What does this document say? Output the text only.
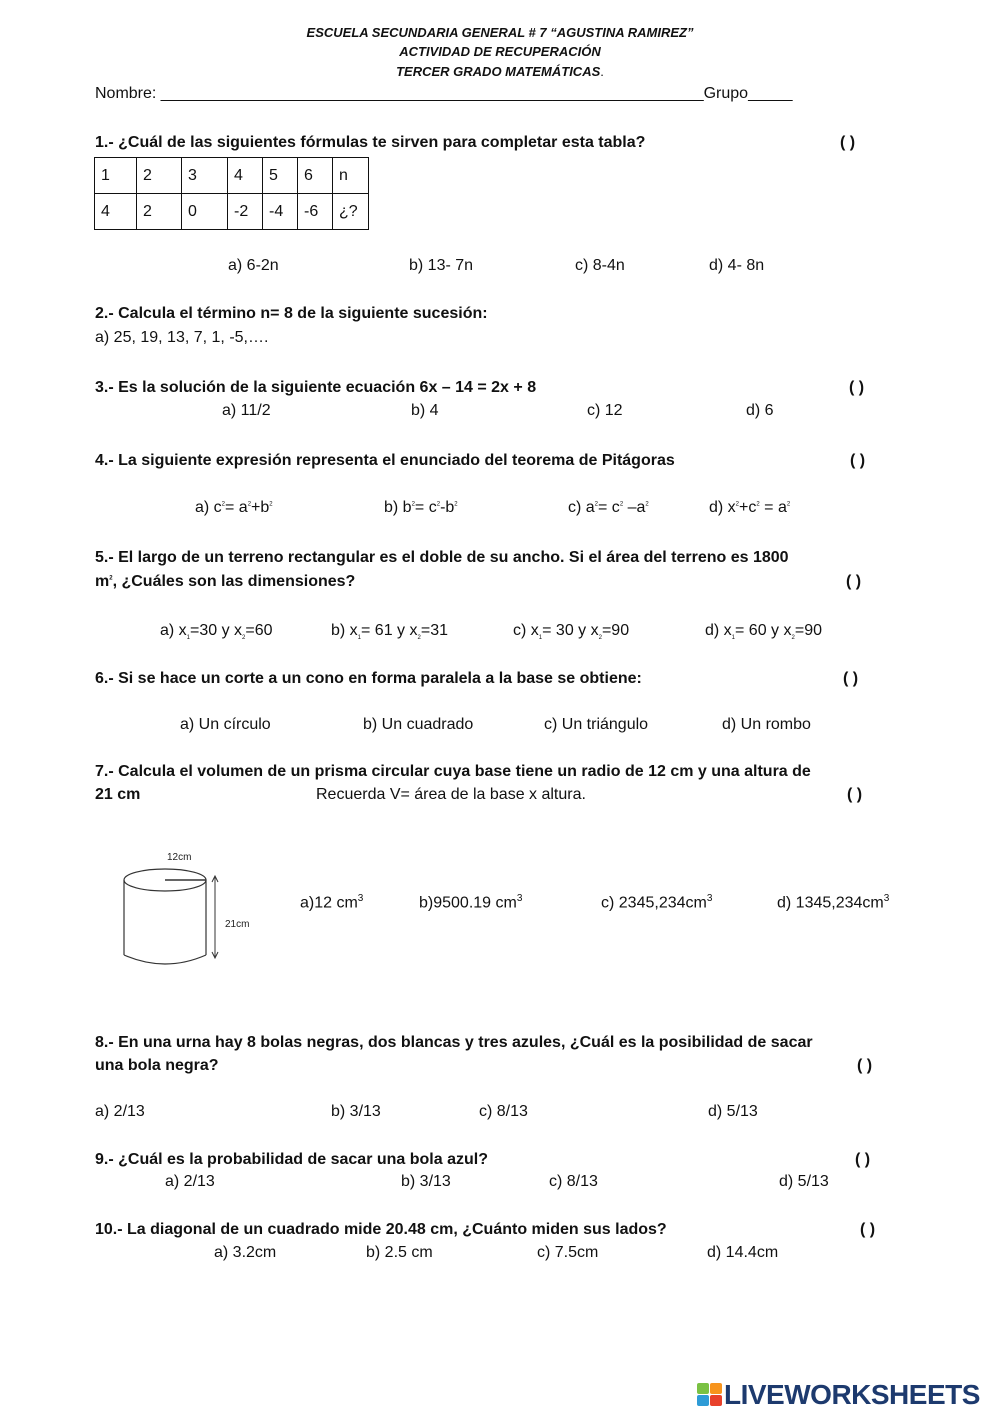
ESCUELA SECUNDARIA GENERAL # 7 “AGUSTINA RAMIREZ”
ACTIVIDAD DE RECUPERACIÓN
TERCER GRADO MATEMÁTICAS.
Nombre: _____________________________________________________________Grupo_____
1.- ¿Cuál de las siguientes fórmulas te sirven para completar esta tabla?	( )
1	2	3	4	5	6	n
4	2	0	-2	-4	-6	¿?
a) 6-2n	b) 13- 7n	c) 8-4n	d) 4- 8n
2.- Calcula el término n= 8 de la siguiente sucesión:
a) 25, 19, 13, 7, 1, -5,….
3.- Es la solución de la siguiente ecuación 6x – 14 = 2x + 8	( )
a) 11/2	b) 4	c) 12	d) 6
4.- La siguiente expresión representa el enunciado del teorema de Pitágoras	( )
a) $c^2= a^2+b^2$	b) $b^2= c^2-b^2$	c) $a^2= c^2$ $-a^2$	d) $x^2+c^2 = a^2$
5.- El largo de un terreno rectangular es el doble de su ancho. Si el área del terreno es 1800
$m^2$, ¿Cuáles son las dimensiones?	( )
a) $x_1=30$ y $x_2=60$	b) $x_1= 61$ y $x_2=31$	c) $x_1= 30$ y $x_2=90$	d) $x_1= 60$ y $x_2=90$
6.- Si se hace un corte a un cono en forma paralela a la base se obtiene:	( )
a) Un círculo	b) Un cuadrado	c) Un triángulo	d) Un rombo
7.- Calcula el volumen de un prisma circular cuya base tiene un radio de 12 cm y una altura de
21 cm	Recuerda V= área de la base x altura.	( )
12cm
21cm
a)12 $cm^3$	b)9500.19 $cm^3$	c) $2345,234cm^3$	d) $1345,234cm^3$
8.- En una urna hay 8 bolas negras, dos blancas y tres azules, ¿Cuál es la posibilidad de sacar
una bola negra?	( )
a) 2/13	b) 3/13	c) 8/13	d) 5/13
9.- ¿Cuál es la probabilidad de sacar una bola azul?	( )
a) 2/13	b) 3/13	c) 8/13	d) 5/13
10.- La diagonal de un cuadrado mide 20.48 cm, ¿Cuánto miden sus lados?	( )
a) 3.2cm	b) 2.5 cm	c) 7.5cm	d) 14.4cm
LIVEWORKSHEETS
